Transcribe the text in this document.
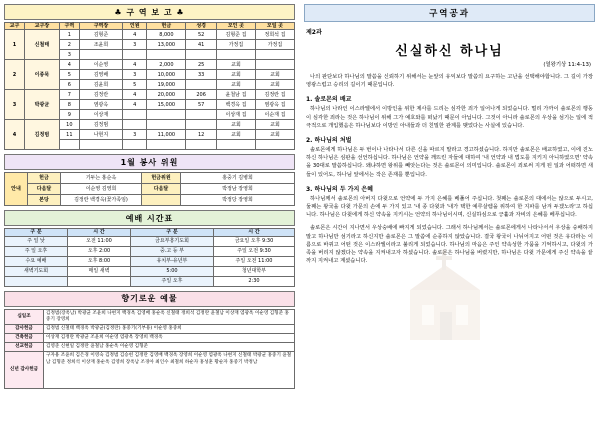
♣ 구 역 보 고 ♣
교구	교구장	구역	구역장	인원	헌금	성경	모인 곳	모일 곳
1	신철태	1	김형준	4	8,000	52	김형준 집	정희석 집
		2	조윤희	3	13,000	41	가정집	가정집
		3						
2	이종묵	4	이순영	4	2,000	25	교회	
		5	김영배	3	10,000	33	교회	교회
		6	김윤희	5	19,000		교회	교회
3	박광균	7	김정란	4	20,000	206	윤철남 집	김정란 집
		8	염광옥	4	15,000	57	백경옥 집	염광옥 집
		9	이상재				이상재 집	이순재 집
4	김정범	10	김정범				교회	교회
		11	나현지	3	11,000	12	교회	교회

1월 봉사 위원
안내	헌금	기두는 홍순옥	헌금위원	홍중기 김병희
	다음달	이순영 김영희	다음달	박정남 장영희
	본당	김정란 백경옥(꽃가족임)		박정당 장영희
예배 시간표
구 분	시 간	구 분	시 간
주 일 낮	오전 11:00	금요부흥기도회	금요일 오후 9:30
주 일 오후	오후 2:00	중.고 등 부	주일 오전 9:30
수요 예배	오후 8:00	유치부-유년부	주일 오전 11:00
새벽기도회	매일 새벽	5:00	청년대학부
		주일 오후	2:30
향기로운 예물
십일조	김정범(장옥남) 박광균 조윤희 나현지 백경옥 김영배 홍순옥 신철태 정희석 김정란 윤철남 이상재 염광옥 이순영 김형준 홍중기 장영희
감사헌금	김정범 신철태 백경옥 박광균(김정란) 홍중기(기부용) 이순영 홍중희
건축헌금	이상재 김정란 박광균 조윤희 이순영 염광옥 장영희 백경옥
선교헌금	김영준 신현일 김정란 윤철남 홍순옥 이순영 김형준
신년 감사헌금	구자용 조윤희 김은경 이영숙 김정범 김승헌 김정란 김영배 백경옥 장영희 이순영 염광옥 나현지 신철태 박광균 홍중기 윤철남 김형준 정희석 이상재 홍순옥 김영희 장옥남 조경아 최인수 최철희 하순자 홍성훈 황순자 홍중기 박정남
구역공과
제2과
신실하신 하나님
(열왕기상 11:4-13)
나의 판단보다 하나님의 말씀을 신뢰하기 위해서는 눈앞의 유익보다 말씀의 요구하는 고난을 선택해야합니다. 그 길이 가장 영광스럽고 승리의 길이기 때문입니다.
1. 솔로몬의 배교
하나님의 나라인 이스라엘에서 이방인을 위한 제사를 드리는 심각한 죄가 일어나게 되었습니다. 멀리 가까이 솔로몬의 행동이 심각한 죄라는 것은 하나님이 위해 그가 예호와를 떠났기 때문이 아닙니다. 그것이 아니라 솔로몬의 우상을 섬기는 일에 적극적으로 개입했음은 하나님보다 이방인 아내들과 더 친밀한 관계를 맺었다는 사실에 있습니다.
2. 하나님의 처벌
솔로몬에게 하나님은 두 번이나 나타나서 다른 신을 따르지 말라고 경고하셨습니다. 하지만 솔로몬은 배교하였고, 이에 진노하신 하나님은 심판을 선언하십니다. 하나님은 언약을 깨뜨린 자들에 대하여 '내 언약과 내 법도를 지키지 아니하였으면' 약속을 30대로 말씀하십니다. 왜냐하면 왕위를 빼앗는다는 것은 솔로몬이 의미입니다. 솔로몬이 죄로써 지게 된 일과 어떠하면 새들이 있어도, 하나님 앞에서는 작은 존재를 뿐입니다.
3. 하나님의 두 가지 은혜
하나님께서 솔로몬의 아버지 다윗으로 언약에 두 가지 은혜를 베풀어 주십니다. 첫째는 솔로몬의 대에서는 않으로 두시고, 둘째는 왕국을 다윗 가문의 손에 두 가지 있고 '내 종 다윗과 '내가 택한 예루살렘을 위하여 한 지파를 남겨 두겠노라'고 하십니다. 하나님은 다윗에게 하신 약속을 지키시는 언약의 하나님이시며, 신실하심으로 긍휼과 자비의 은혜를 베푸십니다.
솔로몬은 시간이 지나면서 우상숭배에 빠지게 되었습니다. 그래서 하나님께서는 솔로몬에게서 나타나서서 우상을 숭배하지 말고 하나님만 섬기라고 하신지만 솔로몬은 그 말씀에 순종하지 않았습니다. 결국 왕국이 나뉘어지고 어떤 것은 유다라는 이름으로 바뀌고 어떤 것은 이스라엘이라고 불리게 되었습니다. 하나님의 마음은 주인 약속성한 가뭄을 기억하시고, 다윗의 가족을 버리지 않겠다는 약속을 지켜내고자 하셨습니다. 솔로몬은 하나님을 버렸지만, 하나님은 다윗 가문에게 주신 약속을 끝까지 지켜내고 계셨습니다.
